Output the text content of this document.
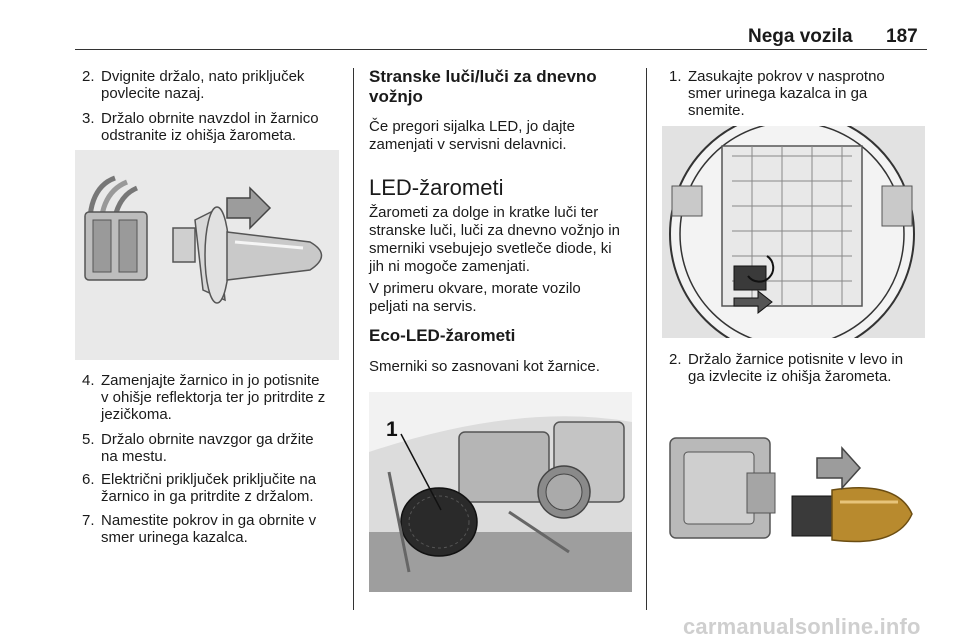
Nega vozila 187
2. Dvignite držalo, nato priključek
povlecite nazaj.
3. Držalo obrnite navzdol in žarnico
odstranite iz ohišja žarometa.
4. Zamenjajte žarnico in jo potisnite
v ohišje reflektorja ter jo pritrdite z
jezičkoma.
5. Držalo obrnite navzgor ga držite
na mestu.
6. Električni priključek priključite na
žarnico in ga pritrdite z držalom.
7. Namestite pokrov in ga obrnite v
smer urinega kazalca.
Stranske luči/luči za dnevno
vožnjo
Če pregori sijalka LED, jo dajte
zamenjati v servisni delavnici.
LED-žarometi
Žarometi za dolge in kratke luči ter
stranske luči, luči za dnevno vožnjo in
smerniki vsebujejo svetleče diode, ki
jih ni mogoče zamenjati.
V primeru okvare, morate vozilo
peljati na servis.
Eco-LED-žarometi
Smerniki so zasnovani kot žarnice.
1
1. Zasukajte pokrov v nasprotno
smer urinega kazalca in ga
snemite.
2. Držalo žarnice potisnite v levo in
ga izvlecite iz ohišja žarometa.
carmanualsonline.info
